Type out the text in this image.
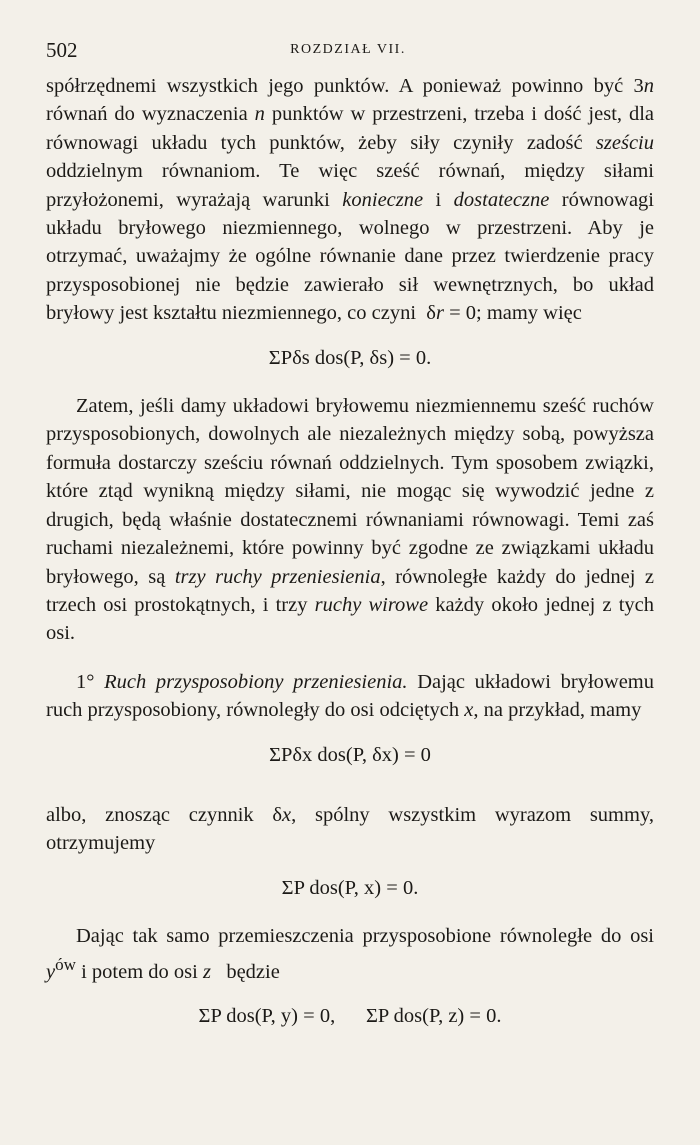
502	ROZDZIAŁ VII.

spółrzędnemi wszystkich jego punktów. A ponieważ powinno być 3n równań do wyznaczenia n punktów w przestrzeni, trzeba i dość jest, dla równowagi układu tych punktów, żeby siły czyniły zadość sześciu oddzielnym równaniom. Te więc sześć równań, między siłami przyłożonemi, wyrażają warunki konieczne i dostateczne równowagi układu bryłowego niezmiennego, wolnego w przestrzeni. Aby je otrzymać, uważajmy że ogólne równanie dane przez twierdzenie pracy przysposobionej nie będzie zawierało sił wewnętrznych, bo układ bryłowy jest kształtu niezmiennego, co czyni  δr = 0; mamy więc

ΣPδs dos(P, δs) = 0.

Zatem, jeśli damy układowi bryłowemu niezmiennemu sześć ruchów przysposobionych, dowolnych ale niezależnych między sobą, powyższa formuła dostarczy sześciu równań oddzielnych. Tym sposobem związki, które ztąd wynikną między siłami, nie mogąc się wywodzić jedne z drugich, będą właśnie dostatecznemi równaniami równowagi. Temi zaś ruchami niezależnemi, które powinny być zgodne ze związkami układu bryłowego, są trzy ruchy przeniesienia, równoległe każdy do jednej z trzech osi prostokątnych, i trzy ruchy wirowe każdy około jednej z tych osi.

1° Ruch przysposobiony przeniesienia. Dając układowi bryłowemu ruch przysposobiony, równoległy do osi odciętych x, na przykład, mamy

ΣPδx dos(P, δx) = 0

albo, znosząc czynnik δx, spólny wszystkim wyrazom summy, otrzymujemy

ΣP dos(P, x) = 0.

Dając tak samo przemieszczenia przysposobione równoległe do osi $y^{ów}$ i potem do osi z   będzie

ΣP dos(P, y) = 0, ΣP dos(P, z) = 0.
